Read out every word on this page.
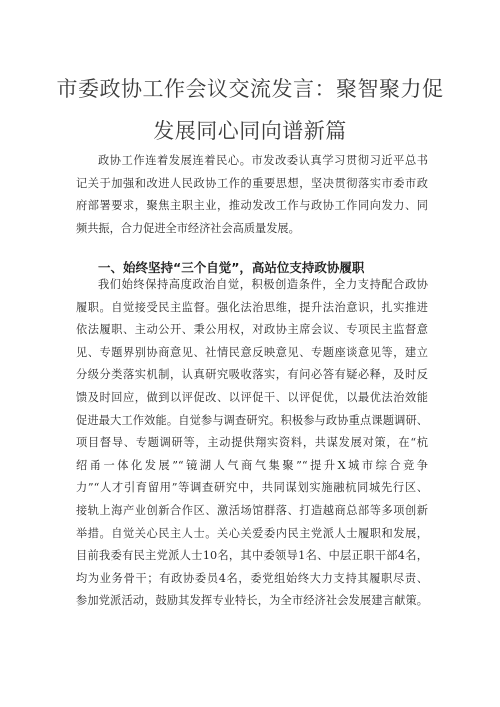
市委政协工作会议交流发言：聚智聚力促
发展同心同向谱新篇
政协工作连着发展连着民心。市发改委认真学习贯彻习近平总书
记关于加强和改进人民政协工作的重要思想，坚决贯彻落实市委市政
府部署要求，聚焦主职主业，推动发改工作与政协工作同向发力、同
频共振，合力促进全市经济社会高质量发展。
一、始终坚持“三个自觉”，高站位支持政协履职
我们始终保持高度政治自觉，积极创造条件，全力支持配合政协
履职。自觉接受民主监督。强化法治思维，提升法治意识，扎实推进
依法履职、主动公开、秉公用权，对政协主席会议、专项民主监督意
见、专题界别协商意见、社情民意反映意见、专题座谈意见等，建立
分级分类落实机制，认真研究吸收落实，有问必答有疑必释，及时反
馈及时回应，做到以评促改、以评促干、以评促优，以最优法治效能
促进最大工作效能。自觉参与调查研究。积极参与政协重点课题调研、
项目督导、专题调研等，主动提供翔实资料，共谋发展对策，在“杭
绍甬一体化发展”“镜湖人气商气集聚”“提升X城市综合竞争
力”“人才引育留用”等调查研究中，共同谋划实施融杭同城先行区、
接轨上海产业创新合作区、激活场馆群落、打造越商总部等多项创新
举措。自觉关心民主人士。关心关爱委内民主党派人士履职和发展，
目前我委有民主党派人士10名，其中委领导1名、中层正职干部4名，
均为业务骨干；有政协委员4名，委党组始终大力支持其履职尽责、
参加党派活动，鼓励其发挥专业特长，为全市经济社会发展建言献策。
